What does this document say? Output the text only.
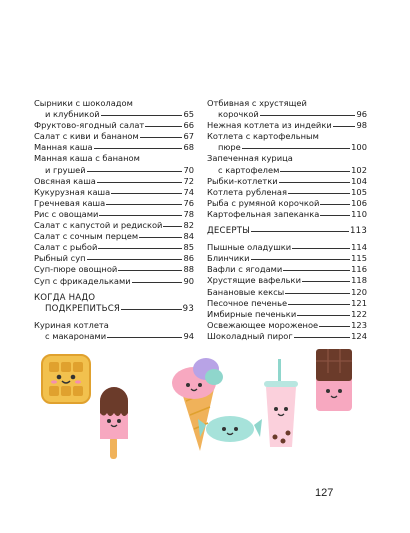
Сырники с шоколадом
и клубникой	65
Фруктово-ягодный салат	66
Салат с киви и бананом	67
Манная каша	68
Манная каша с бананом
и грушей	70
Овсяная каша	72
Кукурузная каша	74
Гречневая каша	76
Рис с овощами	78
Салат с капустой и редиской	82
Салат с сочным перцем	84
Салат с рыбой	85
Рыбный суп	86
Суп-пюре овощной	88
Суп с фрикадельками	90
КОГДА НАДО
ПОДКРЕПИТЬСЯ	93
Куриная котлета
с макаронами	94
Отбивная с хрустящей
корочкой	96
Нежная котлета из индейки	98
Котлета с картофельным
пюре	100
Запеченная курица
с картофелем	102
Рыбки-котлетки	104
Котлета рубленая	105
Рыба с румяной корочкой	106
Картофельная запеканка	110
ДЕСЕРТЫ	113
Пышные оладушки	114
Блинчики	115
Вафли с ягодами	116
Хрустящие вафельки	118
Банановые кексы	120
Песочное печенье	121
Имбирные печеньки	122
Освежающее мороженое	123
Шоколадный пирог	124
127
